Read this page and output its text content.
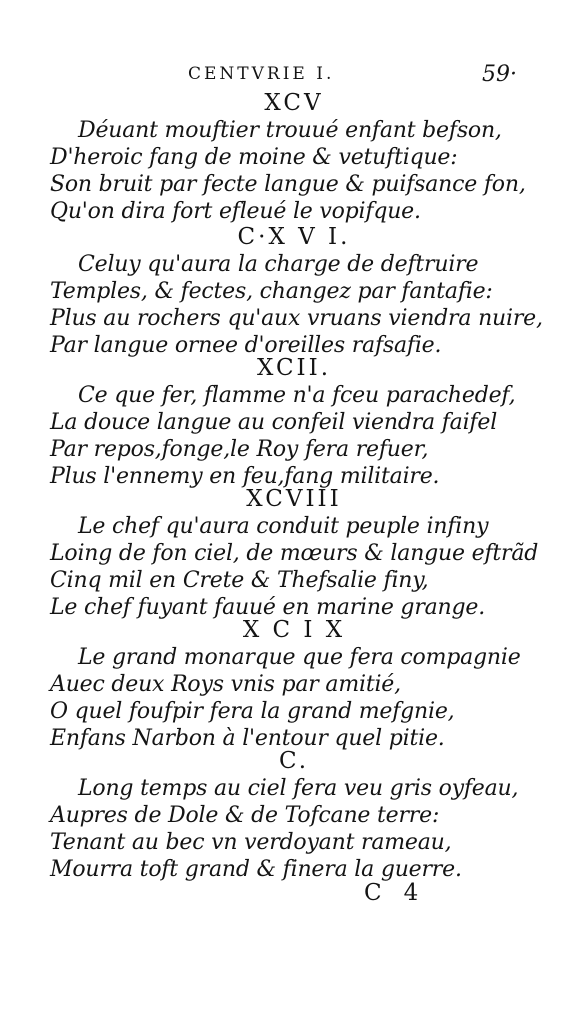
CENTVRIE I.	59·
XCV
Déuant mouftier trouué enfant befson,
D'heroic fang de moine & vetuftique:
Son bruit par fecte langue & puifsance fon,
Qu'on dira fort efleué le vopifque.
C·X V I.
Celuy qu'aura la charge de deftruire
Temples, & fectes, changez par fantafie:
Plus au rochers qu'aux vruans viendra nuire,
Par langue ornee d'oreilles rafsafie.
XCII.
Ce que fer, flamme n'a fceu parachedef,
La douce langue au confeil viendra faifel
Par repos,fonge,le Roy fera refuer,
Plus l'ennemy en feu,fang militaire.
XCVIII
Le chef qu'aura conduit peuple infiny
Loing de fon ciel, de mœurs & langue eftrãd
Cinq mil en Crete & Thefsalie finy,
Le chef fuyant fauué en marine grange.
X C I X
Le grand monarque que fera compagnie
Auec deux Roys vnis par amitié,
O quel foufpir fera la grand mefgnie,
Enfans Narbon à l'entour quel pitie.
C.
Long temps au ciel fera veu gris oyfeau,
Aupres de Dole & de Tofcane terre:
Tenant au bec vn verdoyant rameau,
Mourra toft grand & finera la guerre.
C 4
